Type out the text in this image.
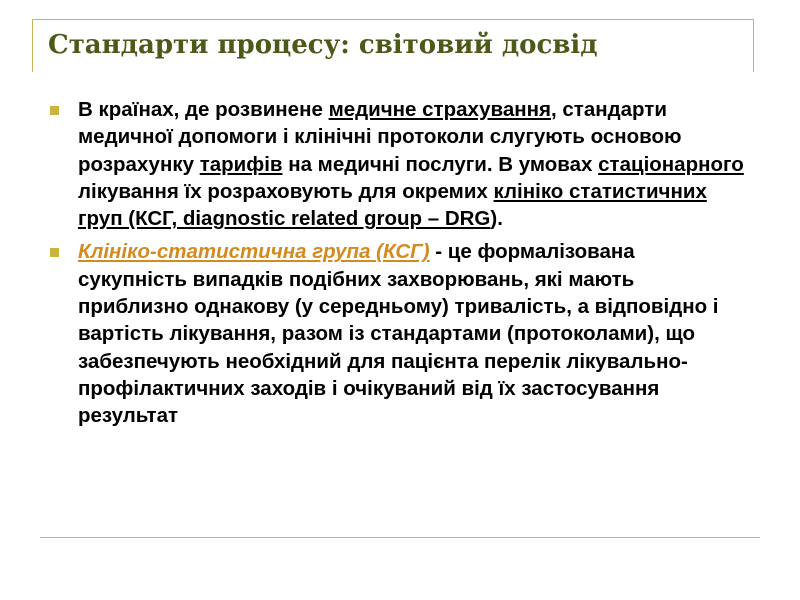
Стандарти процесу: світовий досвід
В країнах, де розвинене медичне страхування, стандарти медичної допомоги і клінічні протоколи слугують основою розрахунку тарифів на медичні послуги. В умовах стаціонарного лікування їх розраховують для окремих клініко статистичних груп (КСГ, diagnostic related group – DRG).
Клініко-статистична група (КСГ) - це формалізована сукупність випадків подібних захворювань, які мають приблизно однакову (у середньому) тривалість, а відповідно і вартість лікування, разом із стандартами (протоколами), що забезпечують необхідний для пацієнта перелік лікувально-профілактичних заходів і очікуваний від їх застосування результат
